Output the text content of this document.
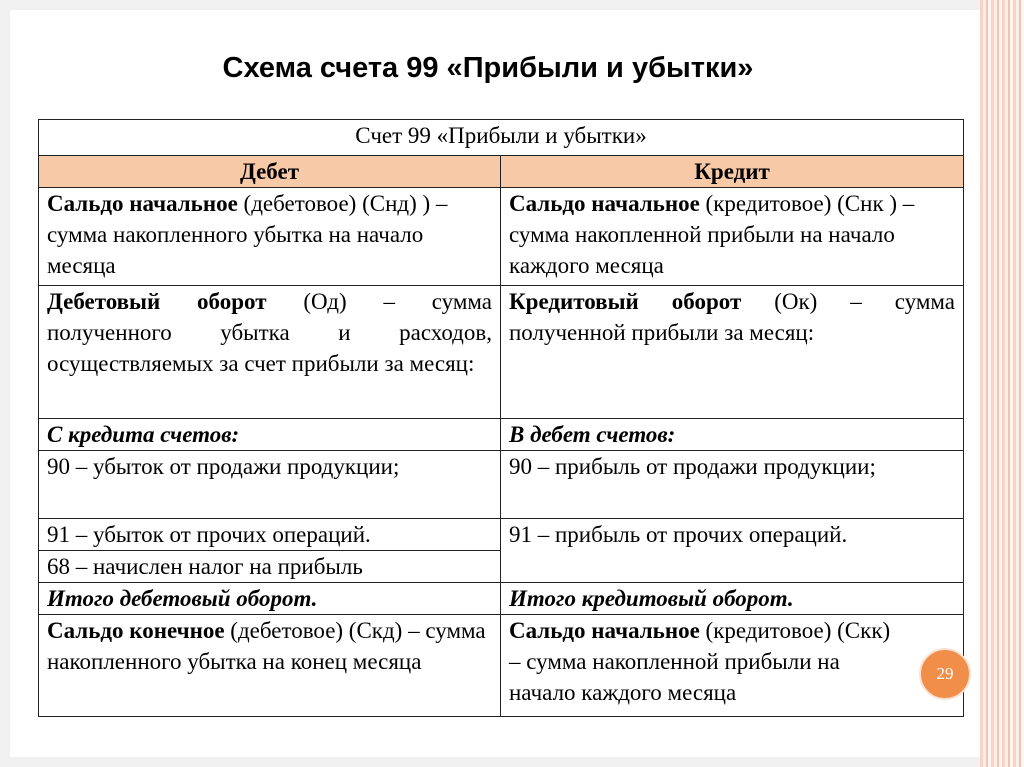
Схема счета 99 «Прибыли и убытки»
Счет 99 «Прибыли и убытки»	
Дебет	Кредит
Сальдо начальное (дебетовое) (Снд) ) – сумма накопленного убытка на начало месяца	Сальдо начальное (кредитовое) (Снк ) – сумма накопленной прибыли на начало каждого месяца
Дебетовый оборот (Од) – сумма полученного убытка и расходов, осуществляемых за счет прибыли за месяц:	Кредитовый оборот (Ок) – сумма полученной прибыли за месяц:
С кредита счетов:	В дебет счетов:
90 – убыток от продажи продукции;	90 – прибыль от продажи продукции;
91 – убыток от прочих операций.	91 – прибыль от прочих операций.
68 – начислен налог на прибыль	
Итого дебетовый оборот.	Итого кредитовый оборот.
Сальдо конечное (дебетовое) (Скд) – сумма накопленного убытка на конец месяца	Сальдо начальное (кредитовое) (Скк) – сумма накопленной прибыли на начало каждого месяца
29
